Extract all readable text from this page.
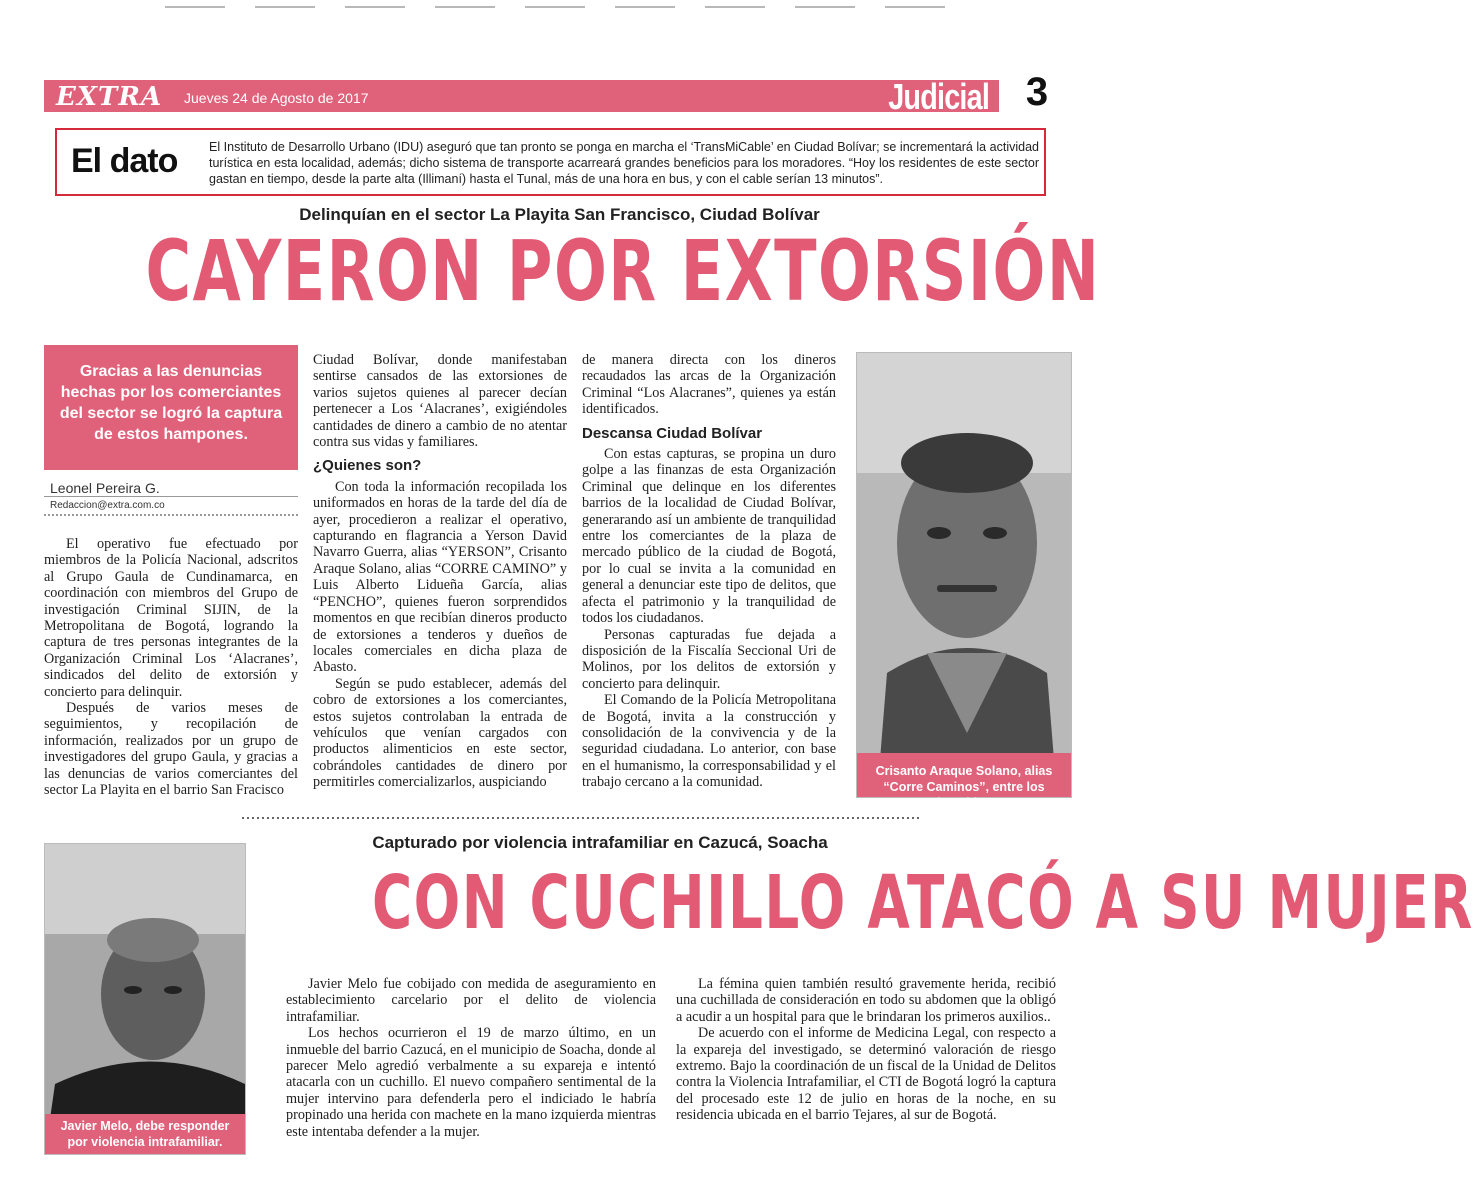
EXTRA Jueves 24 de Agosto de 2017	Judicial 3
El dato	El Instituto de Desarrollo Urbano (IDU) aseguró que tan pronto se ponga en marcha el ‘TransMiCable’ en Ciudad Bolívar; se incrementará la actividad turística en esta localidad, además; dicho sistema de transporte acarreará grandes beneficios para los moradores. “Hoy los residentes de este sector gastan en tiempo, desde la parte alta (Illimaní) hasta el Tunal, más de una hora en bus, y con el cable serían 13 minutos”.
Delinquían en el sector La Playita San Francisco, Ciudad Bolívar
CAYERON POR EXTORSIÓN
Gracias a las denuncias hechas por los comerciantes del sector se logró la captura de estos hampones.
Leonel Pereira G.
Redaccion@extra.com.co

El operativo fue efectuado por miembros de la Policía Nacional, adscritos al Grupo Gaula de Cundinamarca, en coordinación con miembros del Grupo de investigación Criminal SIJIN, de la Metropolitana de Bogotá, logrando la captura de tres personas integrantes de la Organización Criminal Los ‘Alacranes’, sindicados del delito de extorsión y concierto para delinquir.

Después de varios meses de seguimientos, y recopilación de información, realizados por un grupo de investigadores del grupo Gaula, y gracias a las denuncias de varios comerciantes del sector La Playita en el barrio San Fracisco

Ciudad Bolívar, donde manifestaban sentirse cansados de las extorsiones de varios sujetos quienes al parecer decían pertenecer a Los ‘Alacranes’, exigiéndoles cantidades de dinero a cambio de no atentar contra sus vidas y familiares.

¿Quienes son?

Con toda la información recopilada los uniformados en horas de la tarde del día de ayer, procedieron a realizar el operativo, capturando en flagrancia a Yerson David Navarro Guerra, alias “YERSON”, Crisanto Araque Solano, alias “CORRE CAMINO” y Luis Alberto Lidueña García, alias “PENCHO”, quienes fueron sorprendidos momentos en que recibían dineros producto de extorsiones a tenderos y dueños de locales comerciales en dicha plaza de Abasto.

Según se pudo establecer, además del cobro de extorsiones a los comerciantes, estos sujetos controlaban la entrada de vehículos que venían cargados con productos alimenticios en este sector, cobrándoles cantidades de dinero por permitirles comercializarlos, auspiciando

de manera directa con los dineros recaudados las arcas de la Organización Criminal “Los Alacranes”, quienes ya están identificados.

Descansa Ciudad Bolívar

Con estas capturas, se propina un duro golpe a las finanzas de esta Organización Criminal que delinque en los diferentes barrios de la localidad de Ciudad Bolívar, generarando así un ambiente de tranquilidad entre los comerciantes de la plaza de mercado público de la ciudad de Bogotá, por lo cual se invita a la comunidad en general a denunciar este tipo de delitos, que afecta el patrimonio y la tranquilidad de todos los ciudadanos.

Personas capturadas fue dejada a disposición de la Fiscalía Seccional Uri de Molinos, por los delitos de extorsión y concierto para delinquir.

El Comando de la Policía Metropolitana de Bogotá, invita a la construcción y consolidación de la convivencia y de la seguridad ciudadana. Lo anterior, con base en el humanismo, la corresponsabilidad y el trabajo cercano a la comunidad.

Crisanto Araque Solano, alias “Corre Caminos”, entre los detenidos.
Javier Melo, debe responder por violencia intrafamiliar.
Capturado por violencia intrafamiliar en Cazucá, Soacha
CON CUCHILLO ATACÓ A SU MUJER

Javier Melo fue cobijado con medida de aseguramiento en establecimiento carcelario por el delito de violencia intrafamiliar.

Los hechos ocurrieron el 19 de marzo último, en un inmueble del barrio Cazucá, en el municipio de Soacha, donde al parecer Melo agredió verbalmente a su expareja e intentó atacarla con un cuchillo. El nuevo compañero sentimental de la mujer intervino para defenderla pero el indiciado le habría propinado una herida con machete en la mano izquierda mientras este intentaba defender a la mujer.

La fémina quien también resultó gravemente herida, recibió una cuchillada de consideración en todo su abdomen que la obligó a acudir a un hospital para que le brindaran los primeros auxilios..

De acuerdo con el informe de Medicina Legal, con respecto a la expareja del investigado, se determinó valoración de riesgo extremo. Bajo la coordinación de un fiscal de la Unidad de Delitos contra la Violencia Intrafamiliar, el CTI de Bogotá logró la captura del procesado este 12 de julio en horas de la noche, en su residencia ubicada en el barrio Tejares, al sur de Bogotá.
